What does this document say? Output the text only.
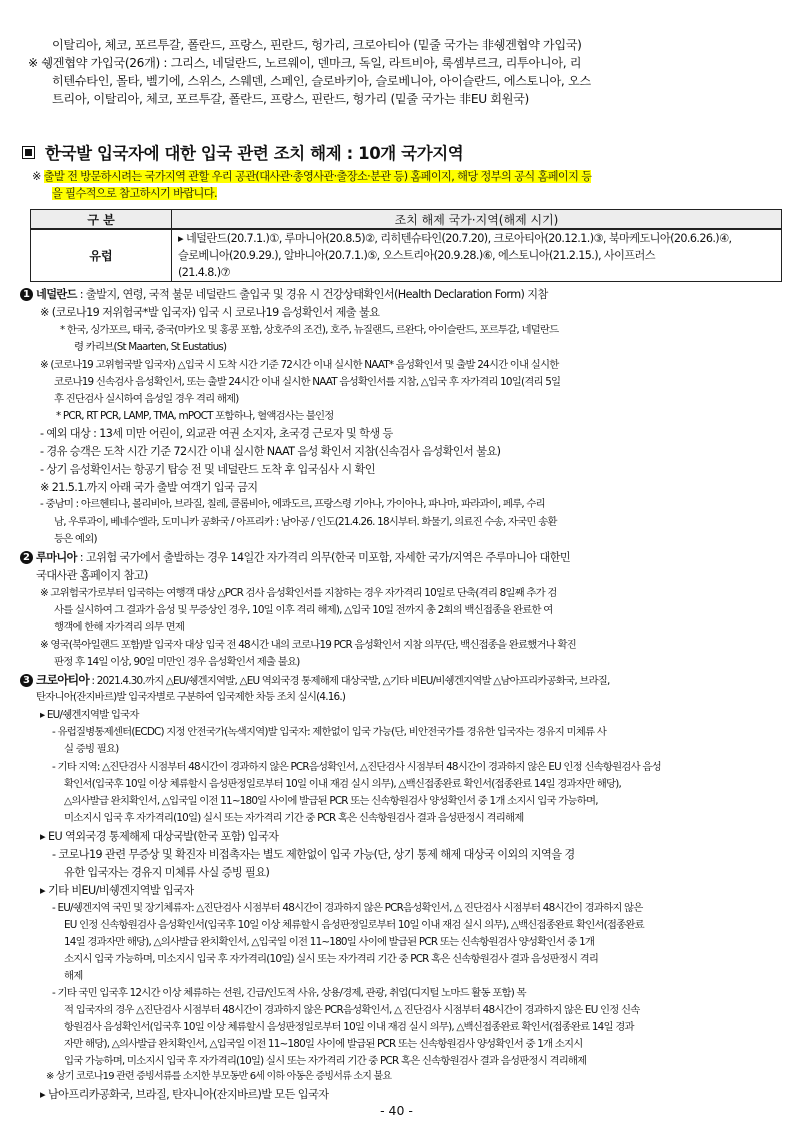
이탈리아, 체코, 포르투갈, 폴란드, 프랑스, 핀란드, 헝가리, 크로아티아 (밑줄 국가는 非쉥겐협약 가입국)
※ 쉥겐협약 가입국(26개) : 그리스, 네덜란드, 노르웨이, 덴마크, 독일, 라트비아, 룩셈부르크, 리투아니아, 리
히텐슈타인, 몰타, 벨기에, 스위스, 스웨덴, 스페인, 슬로바키아, 슬로베니아, 아이슬란드, 에스토니아, 오스
트리아, 이탈리아, 체코, 포르투갈, 폴란드, 프랑스, 핀란드, 헝가리 (밑줄 국가는 非EU 회원국)
한국발 입국자에 대한 입국 관련 조치 해제 : 10개 국가지역
※ 출발 전 방문하시려는 국가지역 관할 우리 공관(대사관·총영사관·출장소·분관 등) 홈페이지, 해당 정부의 공식 홈페이지 등
을 필수적으로 참고하시기 바랍니다.
구 분	조치 해제 국가·지역(해제 시기)
유럽	▸ 네덜란드(20.7.1.)①, 루마니아(20.8.5)②, 리히텐슈타인(20.7.20), 크로아티아(20.12.1.)③, 북마케도니아(20.6.26.)④,
슬로베니아(20.9.29.), 알바니아(20.7.1.)⑤, 오스트리아(20.9.28.)⑥, 에스토니아(21.2.15.), 사이프러스
(21.4.8.)⑦
1 네덜란드 : 출발지, 연령, 국적 불문 네덜란드 출입국 및 경유 시 건강상태확인서(Health Declaration Form) 지참
※ (코로나19 저위험국*발 입국자) 입국 시 코로나19 음성확인서 제출 불요
* 한국, 싱가포르, 태국, 중국(마카오 및 홍콩 포함, 상호주의 조건), 호주, 뉴질랜드, 르완다, 아이슬란드, 포르투갈, 네덜란드
령 카리브(St Maarten, St Eustatius)
※ (코로나19 고위험국발 입국자) △입국 시 도착 시간 기준 72시간 이내 실시한 NAAT* 음성확인서 및 출발 24시간 이내 실시한
코로나19 신속검사 음성확인서, 또는 출발 24시간 이내 실시한 NAAT 음성확인서를 지참, △입국 후 자가격리 10일(격리 5일
후 진단검사 실시하여 음성일 경우 격리 해제)
* PCR, RT PCR, LAMP, TMA, mPOCT 포함하나, 혈액검사는 불인정
- 예외 대상 : 13세 미만 어린이, 외교관 여권 소지자, 초국경 근로자 및 학생 등
- 경유 승객은 도착 시간 기준 72시간 이내 실시한 NAAT 음성 확인서 지참(신속검사 음성확인서 불요)
- 상기 음성확인서는 항공기 탑승 전 및 네덜란드 도착 후 입국심사 시 확인
※ 21.5.1.까지 아래 국가 출발 여객기 입국 금지
- 중남미 : 아르헨티나, 볼리비아, 브라질, 칠레, 콜롬비아, 에콰도르, 프랑스령 기아나, 가이아나, 파나마, 파라과이, 페루, 수리
남, 우루과이, 베네수엘라, 도미니카 공화국 / 아프리카 : 남아공 / 인도(21.4.26. 18시부터. 화물기, 의료진 수송, 자국민 송환
등은 예외)
2 루마니아 : 고위험 국가에서 출발하는 경우 14일간 자가격리 의무(한국 미포함, 자세한 국가/지역은 주루마니아 대한민
국대사관 홈페이지 참고)
※ 고위험국가로부터 입국하는 여행객 대상 △PCR 검사 음성확인서를 지참하는 경우 자가격리 10일로 단축(격리 8일째 추가 검
사를 실시하여 그 결과가 음성 및 무증상인 경우, 10일 이후 격리 해제), △입국 10일 전까지 총 2회의 백신접종을 완료한 여
행객에 한해 자가격리 의무 면제
※ 영국(북아일랜드 포함)발 입국자 대상 입국 전 48시간 내의 코로나19 PCR 음성확인서 지참 의무(단, 백신접종을 완료했거나 확진
판정 후 14일 이상, 90일 미만인 경우 음성확인서 제출 불요)
3 크로아티아 : 2021.4.30.까지 △EU/쉥겐지역발, △EU 역외국경 통제해제 대상국발, △기타 비EU/비쉥겐지역발 △남아프리카공화국, 브라질,
탄자니아(잔지바르)발 입국자별로 구분하여 입국제한 차등 조치 실시(4.16.)
▸ EU/쉥겐지역발 입국자
- 유럽질병통제센터(ECDC) 지정 안전국가(녹색지역)발 입국자: 제한없이 입국 가능(단, 비안전국가를 경유한 입국자는 경유지 미체류 사
실 증빙 필요)
- 기타 지역: △진단검사 시점부터 48시간이 경과하지 않은 PCR음성확인서, △진단검사 시점부터 48시간이 경과하지 않은 EU 인정 신속항원검사 음성
확인서(입국후 10일 이상 체류할시 음성판정일로부터 10일 이내 재검 실시 의무), △백신접종완료 확인서(접종완료 14일 경과자만 해당),
△의사발급 완치확인서, △입국일 이전 11~180일 사이에 발급된 PCR 또는 신속항원검사 양성확인서 중 1개 소지시 입국 가능하며,
미소지시 입국 후 자가격리(10일) 실시 또는 자가격리 기간 중 PCR 혹은 신속항원검사 결과 음성판정시 격리해제
▸ EU 역외국경 통제해제 대상국발(한국 포함) 입국자
- 코로나19 관련 무증상 및 확진자 비접촉자는 별도 제한없이 입국 가능(단, 상기 통제 해제 대상국 이외의 지역을 경
유한 입국자는 경유지 미체류 사실 증빙 필요)
▸ 기타 비EU/비쉥겐지역발 입국자
- EU/쉥겐지역 국민 및 장기체류자: △진단검사 시점부터 48시간이 경과하지 않은 PCR음성확인서, △ 진단검사 시점부터 48시간이 경과하지 않은
EU 인정 신속항원검사 음성확인서(입국후 10일 이상 체류할시 음성판정일로부터 10일 이내 재검 실시 의무), △백신접종완료 확인서(접종완료
14일 경과자만 해당), △의사발급 완치확인서, △입국일 이전 11~180일 사이에 발급된 PCR 또는 신속항원검사 양성확인서 중 1개
소지시 입국 가능하며, 미소지시 입국 후 자가격리(10일) 실시 또는 자가격리 기간 중 PCR 혹은 신속항원검사 결과 음성판정시 격리
해제
- 기타 국민 입국후 12시간 이상 체류하는 선원, 긴급/인도적 사유, 상용/경제, 관광, 취업(디지털 노마드 활동 포함) 목
적 입국자의 경우 △진단검사 시점부터 48시간이 경과하지 않은 PCR음성확인서, △ 진단검사 시점부터 48시간이 경과하지 않은 EU 인정 신속
항원검사 음성확인서(입국후 10일 이상 체류할시 음성판정일로부터 10일 이내 재검 실시 의무), △백신접종완료 확인서(접종완료 14일 경과
자만 해당), △의사발급 완치확인서, △입국일 이전 11~180일 사이에 발급된 PCR 또는 신속항원검사 양성확인서 중 1개 소지시
입국 가능하며, 미소지시 입국 후 자가격리(10일) 실시 또는 자가격리 기간 중 PCR 혹은 신속항원검사 결과 음성판정시 격리해제
※ 상기 코로나19 관련 증빙서류를 소지한 부모동반 6세 이하 아동은 증빙서류 소지 불요
▸ 남아프리카공화국, 브라질, 탄자니아(잔지바르)발 모든 입국자
- 40 -
